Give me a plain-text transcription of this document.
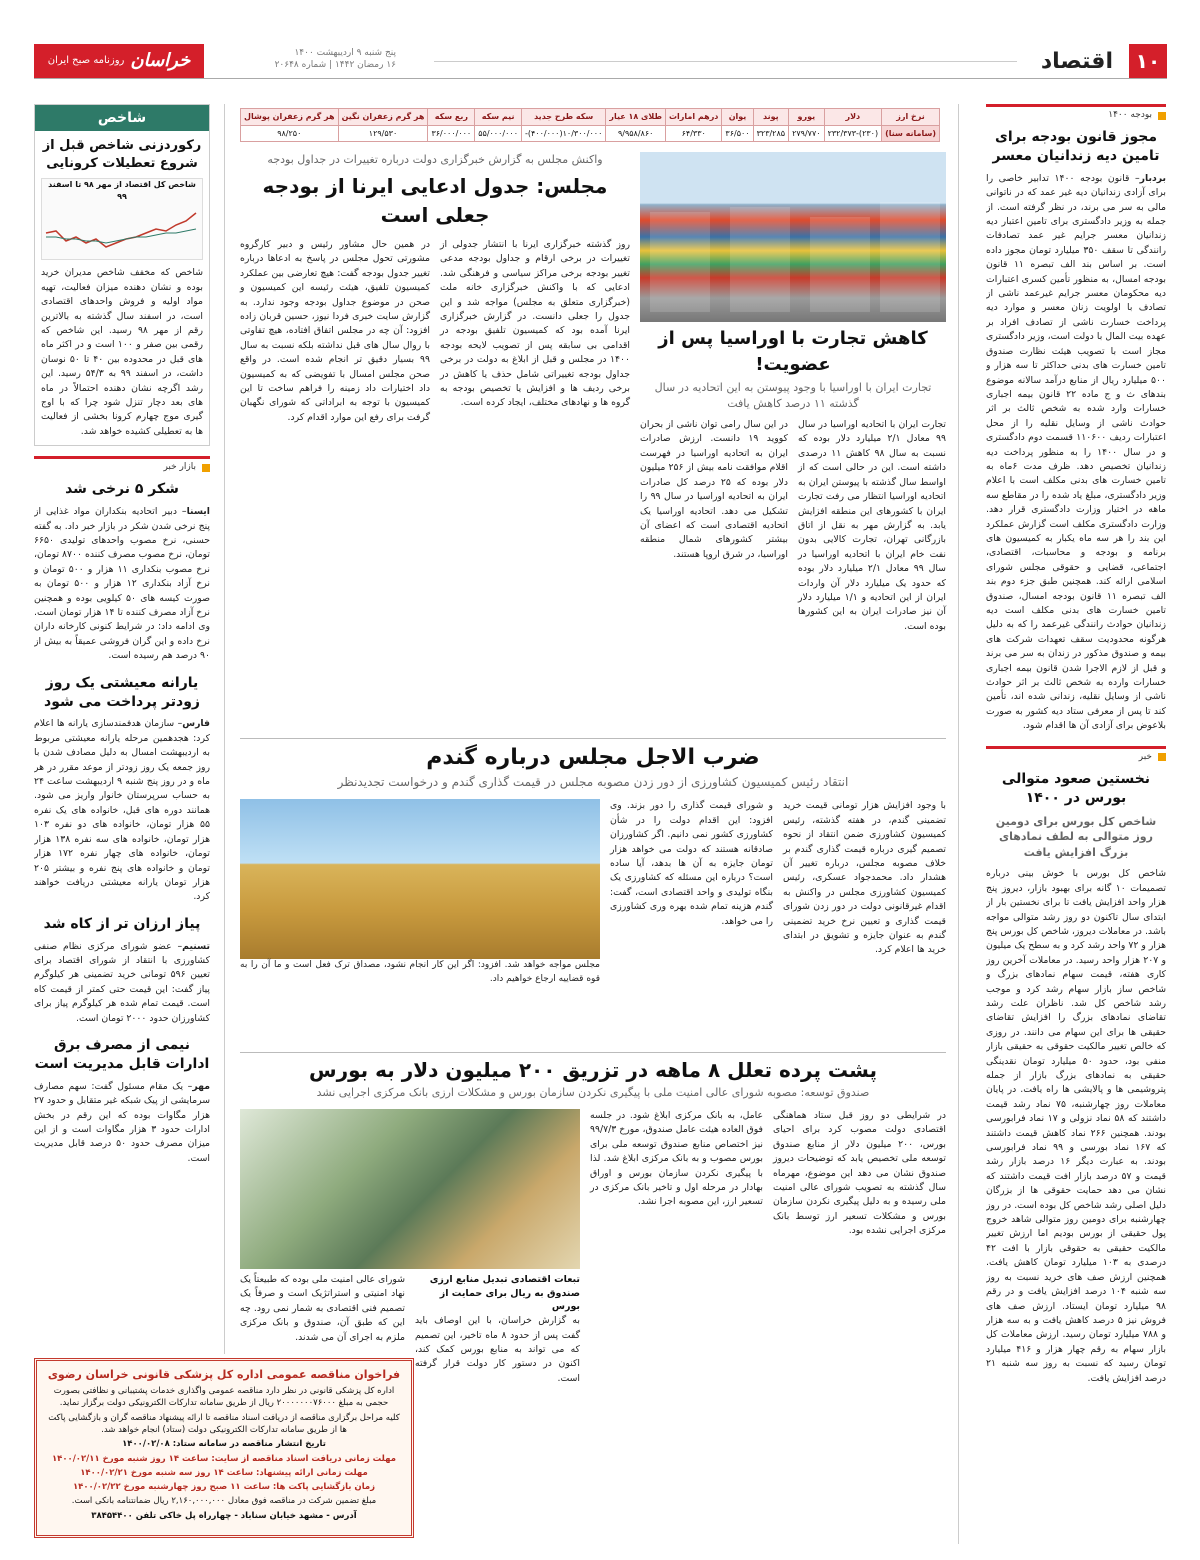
۱۰
اقتصاد
پنج شنبه ۹ اردیبهشت ۱۴۰۰
۱۶ رمضان ۱۴۴۲ | شماره ۲۰۶۴۸
خراسان
روزنامه صبح ایران
نرخ ارز	دلار	یورو	پوند	یوان	درهم امارات	طلای ۱۸ عیار	سکه طرح جدید	نیم سکه	ربع سکه	هر گرم زعفران نگین	هر گرم زعفران پوشال
(سامانه سنا)	(۲۳۰)-۲۳۲/۳۷۳	۲۷۹/۷۷۰	۳۲۳/۲۸۵	۳۶/۵۰۰	۶۴/۳۳۰	۹/۹۵۸/۸۶۰	۱۰/۳۰۰/۰۰۰(۴۰۰/۰۰۰)-	۵۵/۰۰۰/۰۰۰	۳۶/۰۰۰/۰۰۰	۱۲۹/۵۳۰	۹۸/۲۵۰
بودجه ۱۴۰۰
مجوز قانون بودجه برای تامین دیه زندانیان معسر

بردبار– قانون بودجه ۱۴۰۰ تدابیر خاصی را برای آزادی زندانیان دیه غیر عمد که در ناتوانی مالی به سر می برند، در نظر گرفته است. از جمله به وزیر دادگستری برای تامین اعتبار دیه زندانیان معسر جرایم غیر عمد تصادفات رانندگی تا سقف ۳۵۰ میلیارد تومان مجوز داده است. بر اساس بند الف تبصره ۱۱ قانون بودجه امسال، به منظور تأمین کسری اعتبارات دیه محکومان معسر جرایم غیرعمد ناشی از تصادف با اولویت زنان معسر و موارد دیه پرداخت خسارت ناشی از تصادف افراد بر عهده بیت المال با دولت است، وزیر دادگستری مجاز است با تصویب هیئت نظارت صندوق تامین خسارت های بدنی حداکثر تا سه هزار و ۵۰۰ میلیارد ریال از منابع درآمد سالانه موضوع بندهای ث و ج ماده ۲۲ قانون بیمه اجباری خسارات وارد شده به شخص ثالث بر اثر حوادث ناشی از وسایل نقلیه را از محل اعتبارات ردیف ۱۱۰۶۰۰ قسمت دوم دادگستری و در سال ۱۴۰۰ را به منظور پرداخت دیه زندانیان تخصیص دهد. ظرف مدت ۶ماه به تامین خسارت های بدنی مکلف است با اعلام وزیر دادگستری، مبلغ یاد شده را در مقاطع سه ماهه در اختیار وزارت دادگستری قرار دهد. وزارت دادگستری مکلف است گزارش عملکرد این بند را هر سه ماه یکبار به کمیسیون های برنامه و بودجه و محاسبات، اقتصادی، اجتماعی، قضایی و حقوقی مجلس شورای اسلامی ارائه کند. همچنین طبق جزء دوم بند الف تبصره ۱۱ قانون بودجه امسال، صندوق تامین خسارت های بدنی مکلف است دیه زندانیان حوادث رانندگی غیرعمد را که به دلیل هرگونه محدودیت سقف تعهدات شرکت های بیمه و صندوق مذکور در زندان به سر می برند و قبل از لازم الاجرا شدن قانون بیمه اجباری خسارات وارده به شخص ثالث بر اثر حوادث ناشی از وسایل نقلیه، زندانی شده اند، تأمین کند تا پس از معرفی ستاد دیه کشور به صورت بلاعوض برای آزادی آن ها اقدام شود.

خبر
نخستین صعود متوالی بورس در ۱۴۰۰
شاخص کل بورس برای دومین روز متوالی به لطف نمادهای بزرگ افزایش یافت

شاخص کل بورس با خوش بینی درباره تصمیمات ۱۰ گانه برای بهبود بازار، دیروز پنج هزار واحد افزایش یافت تا برای نخستین بار از ابتدای سال تاکنون دو روز رشد متوالی مواجه باشد. در معاملات دیروز، شاخص کل بورس پنج هزار و ۷۲ واحد رشد کرد و به سطح یک میلیون و ۲۰۷ هزار واحد رسید. در معاملات آخرین روز کاری هفته، قیمت سهام نمادهای بزرگ و شاخص ساز بازار سهام رشد کرد و موجب رشد شاخص کل شد. ناظران علت رشد تقاضای نمادهای بزرگ را افزایش تقاضای حقیقی ها برای این سهام می دانند. در روزی که خالص تغییر مالکیت حقوقی به حقیقی بازار منفی بود، حدود ۵۰ میلیارد تومان نقدینگی حقیقی به نمادهای بزرگ بازار از جمله پتروشیمی ها و پالایشی ها راه یافت. در پایان معاملات روز چهارشنبه، ۷۵ نماد رشد قیمت داشتند که ۵۸ نماد نزولی و ۱۷ نماد فرابورسی بودند. همچنین ۲۶۶ نماد کاهش قیمت داشتند که ۱۶۷ نماد بورسی و ۹۹ نماد فرابورسی بودند. به عبارت دیگر ۱۶ درصد بازار رشد قیمت و ۵۷ درصد بازار افت قیمت داشتند که نشان می دهد حمایت حقوقی ها از بزرگان دلیل اصلی رشد شاخص کل بوده است. در روز چهارشنبه برای دومین روز متوالی شاهد خروج پول حقیقی از بورس بودیم اما ارزش تغییر مالکیت حقیقی به حقوقی بازار با افت ۴۲ درصدی به ۱۰۳ میلیارد تومان کاهش یافت. همچنین ارزش صف های خرید نسبت به روز سه شنبه ۱۰۴ درصد افزایش یافت و در رقم ۹۸ میلیارد تومان ایستاد. ارزش صف های فروش نیز ۵ درصد کاهش یافت و به سه هزار و ۷۸۸ میلیارد تومان رسید. ارزش معاملات کل بازار سهام به رقم چهار هزار و ۴۱۶ میلیارد تومان رسید که نسبت به روز سه شنبه ۲۱ درصد افزایش یافت.

کاهش تجارت با اوراسیا پس از عضویت!
تجارت ایران با اوراسیا با وجود پیوستن به این اتحادیه در سال گذشته ۱۱ درصد کاهش یافت

تجارت ایران با اتحادیه اوراسیا در سال ۹۹ معادل ۲/۱ میلیارد دلار بوده که نسبت به سال ۹۸ کاهش ۱۱ درصدی داشته است. این در حالی است که از اواسط سال گذشته با پیوستن ایران به اتحادیه اوراسیا انتظار می رفت تجارت ایران با کشورهای این منطقه افزایش یابد. به گزارش مهر به نقل از اتاق بازرگانی تهران، تجارت کالایی بدون نفت خام ایران با اتحادیه اوراسیا در سال ۹۹ معادل ۲/۱ میلیارد دلار بوده که حدود یک میلیارد دلار آن واردات ایران از این اتحادیه و ۱/۱ میلیارد دلار آن نیز صادرات ایران به این کشورها بوده است.

در این سال رامی توان ناشی از بحران کووید ۱۹ دانست. ارزش صادرات ایران به اتحادیه اوراسیا در فهرست اقلام موافقت نامه بیش از ۲۵۶ میلیون دلار بوده که ۲۵ درصد کل صادرات ایران به اتحادیه اوراسیا در سال ۹۹ را تشکیل می دهد. اتحادیه اوراسیا یک اتحادیه اقتصادی است که اعضای آن بیشتر کشورهای شمال منطقه اوراسیا، در شرق اروپا هستند.

واکنش مجلس به گزارش خبرگزاری دولت درباره تغییرات در جداول بودجه
مجلس: جدول ادعایی ایرنا از بودجه جعلی است

روز گذشته خبرگزاری ایرنا با انتشار جدولی از تغییرات در برخی ارقام و جداول بودجه مدعی تغییر بودجه برخی مراکز سیاسی و فرهنگی شد. ادعایی که با واکنش خبرگزاری خانه ملت (خبرگزاری متعلق به مجلس) مواجه شد و این جدول را جعلی دانست. در گزارش خبرگزاری ایرنا آمده بود که کمیسیون تلفیق بودجه در اقدامی بی سابقه پس از تصویب لایحه بودجه ۱۴۰۰ در مجلس و قبل از ابلاغ به دولت در برخی جداول بودجه تغییراتی شامل حذف یا کاهش در برخی ردیف ها و افزایش یا تخصیص بودجه به گروه ها و نهادهای مختلف، ایجاد کرده است.

در همین حال مشاور رئیس و دبیر کارگروه مشورتی تحول مجلس در پاسخ به ادعاها درباره تغییر جدول بودجه گفت: هیچ تعارضی بین عملکرد کمیسیون تلفیق، هیئت رئیسه این کمیسیون و صحن در موضوع جداول بودجه وجود ندارد. به گزارش سایت خبری فردا نیوز، حسین قربان زاده افزود: آن چه در مجلس اتفاق افتاده، هیچ تفاوتی با روال سال های قبل نداشته بلکه نسبت به سال ۹۹ بسیار دقیق تر انجام شده است. در واقع صحن مجلس امسال با تفویضی که به کمیسیون داد اختیارات داد زمینه را فراهم ساخت تا این کمیسیون با توجه به ابراداتی که شورای نگهبان گرفت برای رفع این موارد اقدام کرد.

ضرب الاجل مجلس درباره گندم
انتقاد رئیس کمیسیون کشاورزی از دور زدن مصوبه مجلس در قیمت گذاری گندم و درخواست تجدیدنظر

با وجود افزایش هزار تومانی قیمت خرید تضمینی گندم، در هفته گذشته، رئیس کمیسیون کشاورزی ضمن انتقاد از نحوه تصمیم گیری درباره قیمت گذاری گندم بر خلاف مصوبه مجلس، درباره تغییر آن هشدار داد. محمدجواد عسکری، رئیس کمیسیون کشاورزی مجلس در واکنش به اقدام غیرقانونی دولت در دور زدن شورای قیمت گذاری و تعیین نرخ خرید تضمینی گندم به عنوان جایزه و تشویق در ابتدای خرید ها اعلام کرد.

و شورای قیمت گذاری را دور بزند. وی افزود: این اقدام دولت را در شأن کشاورزی کشور نمی دانیم. اگر کشاورزان صادقانه هستند که دولت می خواهد هزار تومان جایزه به آن ها بدهد، آیا ساده است؟ درباره این مسئله که کشاورزی یک بنگاه تولیدی و واحد اقتصادی است، گفت: گندم هزینه تمام شده بهره وری کشاورزی را می خواهد.

مجلس مواجه خواهد شد. افزود: اگر این کار انجام نشود، مصداق ترک فعل است و ما آن را به قوه قضاییه ارجاع خواهیم داد.

پشت پرده تعلل ۸ ماهه در تزریق ۲۰۰ میلیون دلار به بورس
صندوق توسعه: مصوبه شورای عالی امنیت ملی با پیگیری نکردن سازمان بورس و مشکلات ارزی بانک مرکزی اجرایی نشد

در شرایطی دو روز قبل ستاد هماهنگی اقتصادی دولت مصوب کرد برای احیای بورس، ۲۰۰ میلیون دلار از منابع صندوق توسعه ملی تخصیص یابد که توضیحات دیروز صندوق نشان می دهد این موضوع، مهرماه سال گذشته به تصویب شورای عالی امنیت ملی رسیده و به دلیل پیگیری نکردن سازمان بورس و مشکلات تسعیر ارز توسط بانک مرکزی اجرایی نشده بود.

عامل، به بانک مرکزی ابلاغ شود. در جلسه فوق العاده هیئت عامل صندوق، مورخ ۹۹/۷/۳ نیز اختصاص منابع صندوق توسعه ملی برای بورس مصوب و به بانک مرکزی ابلاغ شد. لذا با پیگیری نکردن سازمان بورس و اوراق بهادار در مرحله اول و تاخیر بانک مرکزی در تسعیر ارز، این مصوبه اجرا نشد.

تبعات اقتصادی تبدیل منابع ارزی صندوق به ریال برای حمایت از بورس

به گزارش خراسان، با این اوصاف باید گفت پس از حدود ۸ ماه تاخیر، این تصمیم که می تواند به منابع بورس کمک کند، اکنون در دستور کار دولت قرار گرفته است.

شورای عالی امنیت ملی بوده که طبیعتاً یک نهاد امنیتی و استراتژیک است و صرفاً یک تصمیم فنی اقتصادی به شمار نمی رود. چه این که طبق آن، صندوق و بانک مرکزی ملزم به اجرای آن می شدند.

شاخص
رکوردزنی شاخص قبل از شروع تعطیلات کرونایی
شاخص کل اقتصاد از مهر ۹۸ تا اسفند ۹۹

شاخص که مخفف شاخص مدیران خرید بوده و نشان دهنده میزان فعالیت، تهیه مواد اولیه و فروش واحدهای اقتصادی است، در اسفند سال گذشته به بالاترین رقم از مهر ۹۸ رسید. این شاخص که رقمی بین صفر و ۱۰۰ است و در اکثر ماه های قبل در محدوده بین ۴۰ تا ۵۰ نوسان داشت، در اسفند ۹۹ به ۵۴/۳ رسید. این رشد اگرچه نشان دهنده احتمالاً در ماه های بعد دچار تنزل شود چرا که با اوج گیری موج چهارم کرونا بخشی از فعالیت ها به تعطیلی کشیده خواهد شد.

بازار خبر
شکر ۵ نرخی شد

ایسنا– دبیر اتحادیه بنکداران مواد غذایی از پنج نرخی شدن شکر در بازار خبر داد. به گفته حسنی، نرخ مصوب واحدهای تولیدی ۶۶۵۰ تومان، نرخ مصوب مصرف کننده ۸۷۰۰ تومان، نرخ مصوب بنکداری ۱۱ هزار و ۵۰۰ تومان و نرخ آزاد بنکداری ۱۲ هزار و ۵۰۰ تومان به صورت کیسه های ۵۰ کیلویی بوده و همچنین نرخ آزاد مصرف کننده تا ۱۴ هزار تومان است. وی ادامه داد: در شرایط کنونی کارخانه داران نرخ داده و این گران فروشی عمیقاً به بیش از ۹۰ درصد هم رسیده است.

یارانه معیشتی یک روز زودتر پرداخت می شود

فارس– سازمان هدفمندسازی یارانه ها اعلام کرد: هجدهمین مرحله یارانه معیشتی مربوط به اردیبهشت امسال به دلیل مصادف شدن با روز جمعه یک روز زودتر از موعد مقرر در هر ماه و در روز پنج شنبه ۹ اردیبهشت ساعت ۲۴ به حساب سرپرستان خانوار واریز می شود. همانند دوره های قبل، خانواده های یک نفره ۵۵ هزار تومان، خانواده های دو نفره ۱۰۳ هزار تومان، خانواده های سه نفره ۱۳۸ هزار تومان، خانواده های چهار نفره ۱۷۲ هزار تومان و خانواده های پنج نفره و بیشتر ۲۰۵ هزار تومان یارانه معیشتی دریافت خواهند کرد.

پیاز ارزان تر از کاه شد

تسنیم– عضو شورای مرکزی نظام صنفی کشاورزی با انتقاد از شورای اقتصاد برای تعیین ۵۹۶ تومانی خرید تضمینی هر کیلوگرم پیاز گفت: این قیمت حتی کمتر از قیمت کاه است. قیمت تمام شده هر کیلوگرم پیاز برای کشاورزان حدود ۲۰۰۰ تومان است.

نیمی از مصرف برق ادارات قابل مدیریت است

مهر– یک مقام مسئول گفت: سهم مصارف سرمایشی از پیک شبکه غیر متقابل و حدود ۲۷ هزار مگاوات بوده که این رقم در بخش ادارات حدود ۳ هزار مگاوات است و از این میزان مصرف حدود ۵۰ درصد قابل مدیریت است.

فراخوان مناقصه عمومی اداره کل پزشکی قانونی خراسان رضوی

اداره کل پزشکی قانونی در نظر دارد مناقصه عمومی واگذاری خدمات پشتیبانی و نظافتی بصورت حجمی به مبلغ ۲۰۰۰۰۰۰۰۷۶۰۰۰ ریال از طریق سامانه تدارکات الکترونیکی دولت برگزار نماید.

کلیه مراحل برگزاری مناقصه از دریافت اسناد مناقصه تا ارائه پیشنهاد مناقصه گران و بازگشایی پاکت ها از طریق سامانه تدارکات الکترونیکی دولت (ستاد) انجام خواهد شد.

تاریخ انتشار مناقصه در سامانه ستاد: ۱۴۰۰/۰۲/۰۸

مهلت زمانی دریافت اسناد مناقصه از سایت: ساعت ۱۴ روز شنبه مورخ ۱۴۰۰/۰۲/۱۱

مهلت زمانی ارائه پیشنهاد: ساعت ۱۴ روز سه شنبه مورخ ۱۴۰۰/۰۲/۲۱

زمان بازگشایی پاکت ها: ساعت ۱۱ صبح روز چهارشنبه مورخ ۱۴۰۰/۰۲/۲۲

مبلغ تضمین شرکت در مناقصه فوق معادل ۲,۱۶۰,۰۰۰,۰۰۰ ریال ضمانتنامه بانکی است.

آدرس - مشهد خیابان سناباد - چهارراه پل خاکی تلفن ۳۸۴۵۴۴۰۰
